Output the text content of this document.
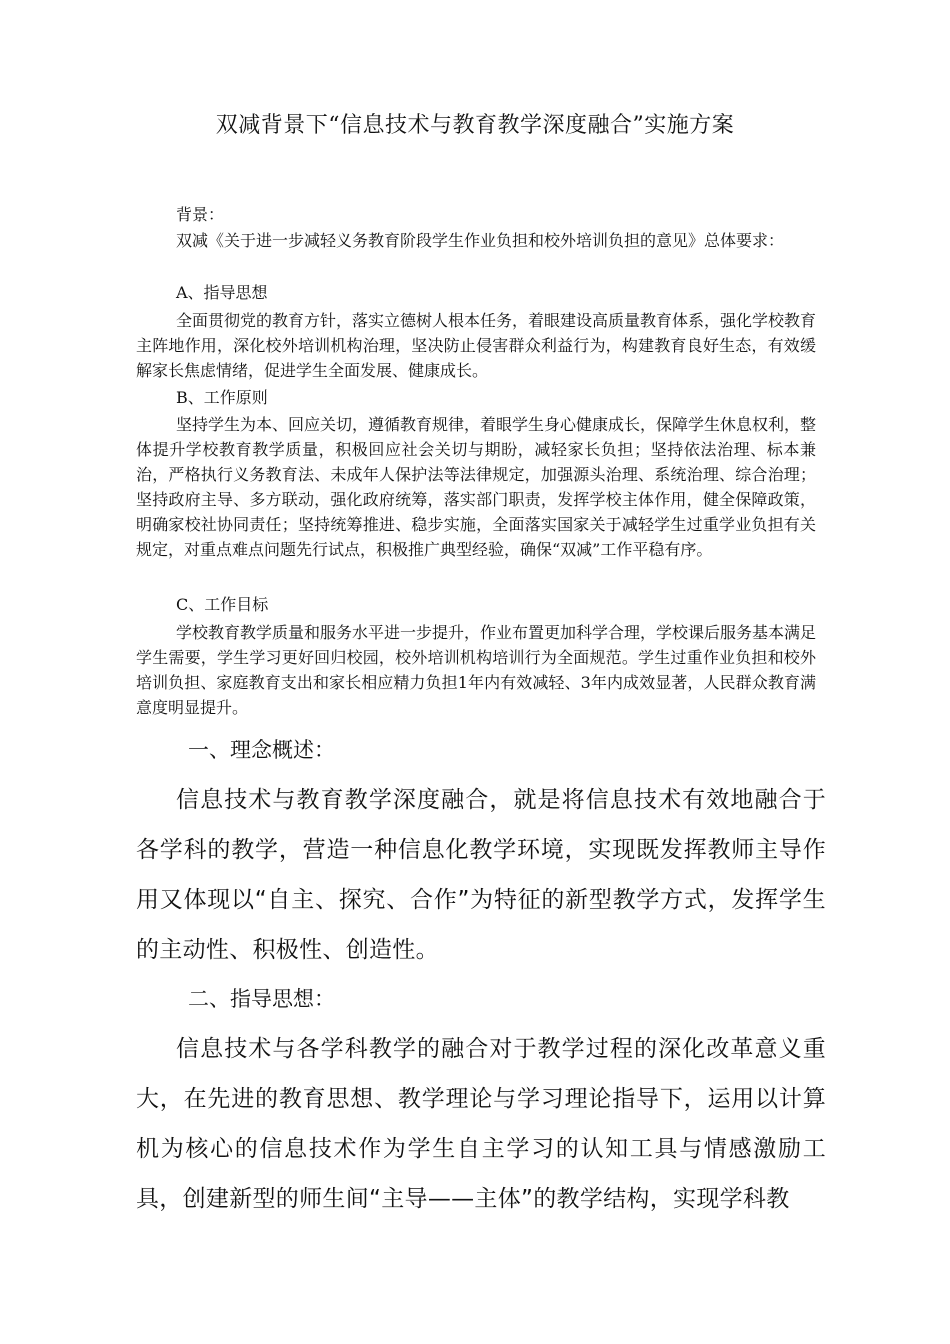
双减背景下“信息技术与教育教学深度融合”实施方案
背景：
双减《关于进一步减轻义务教育阶段学生作业负担和校外培训负担的意见》总体要求：
A、指导思想
全面贯彻党的教育方针，落实立德树人根本任务，着眼建设高质量教育体系，强化学校教育主阵地作用，深化校外培训机构治理，坚决防止侵害群众利益行为，构建教育良好生态，有效缓解家长焦虑情绪，促进学生全面发展、健康成长。
B、工作原则
坚持学生为本、回应关切，遵循教育规律，着眼学生身心健康成长，保障学生休息权利，整体提升学校教育教学质量，积极回应社会关切与期盼，减轻家长负担；坚持依法治理、标本兼治，严格执行义务教育法、未成年人保护法等法律规定，加强源头治理、系统治理、综合治理；坚持政府主导、多方联动，强化政府统筹，落实部门职责，发挥学校主体作用，健全保障政策，明确家校社协同责任；坚持统筹推进、稳步实施，全面落实国家关于减轻学生过重学业负担有关规定，对重点难点问题先行试点，积极推广典型经验，确保“双减”工作平稳有序。
C、工作目标
学校教育教学质量和服务水平进一步提升，作业布置更加科学合理，学校课后服务基本满足学生需要，学生学习更好回归校园，校外培训机构培训行为全面规范。学生过重作业负担和校外培训负担、家庭教育支出和家长相应精力负担1年内有效减轻、3年内成效显著，人民群众教育满意度明显提升。
一、理念概述：
信息技术与教育教学深度融合，就是将信息技术有效地融合于各学科的教学，营造一种信息化教学环境，实现既发挥教师主导作用又体现以“自主、探究、合作”为特征的新型教学方式，发挥学生的主动性、积极性、创造性。
二、指导思想：
信息技术与各学科教学的融合对于教学过程的深化改革意义重大，在先进的教育思想、教学理论与学习理论指导下，运用以计算机为核心的信息技术作为学生自主学习的认知工具与情感激励工具，创建新型的师生间“主导——主体”的教学结构，实现学科教
